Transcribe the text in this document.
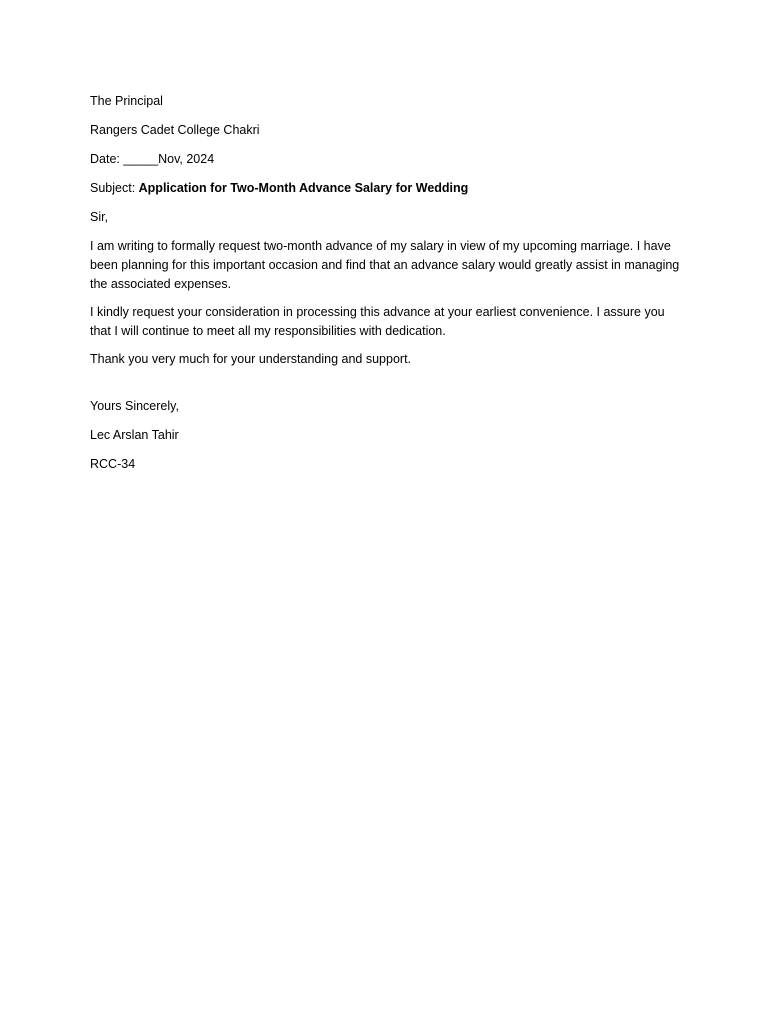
The Principal

Rangers Cadet College Chakri

Date: _____Nov, 2024

Subject: Application for Two-Month Advance Salary for Wedding

Sir,

I am writing to formally request two-month advance of my salary in view of my upcoming marriage. I have been planning for this important occasion and find that an advance salary would greatly assist in managing the associated expenses.

I kindly request your consideration in processing this advance at your earliest convenience. I assure you that I will continue to meet all my responsibilities with dedication.

Thank you very much for your understanding and support.

Yours Sincerely,

Lec Arslan Tahir

RCC-34
